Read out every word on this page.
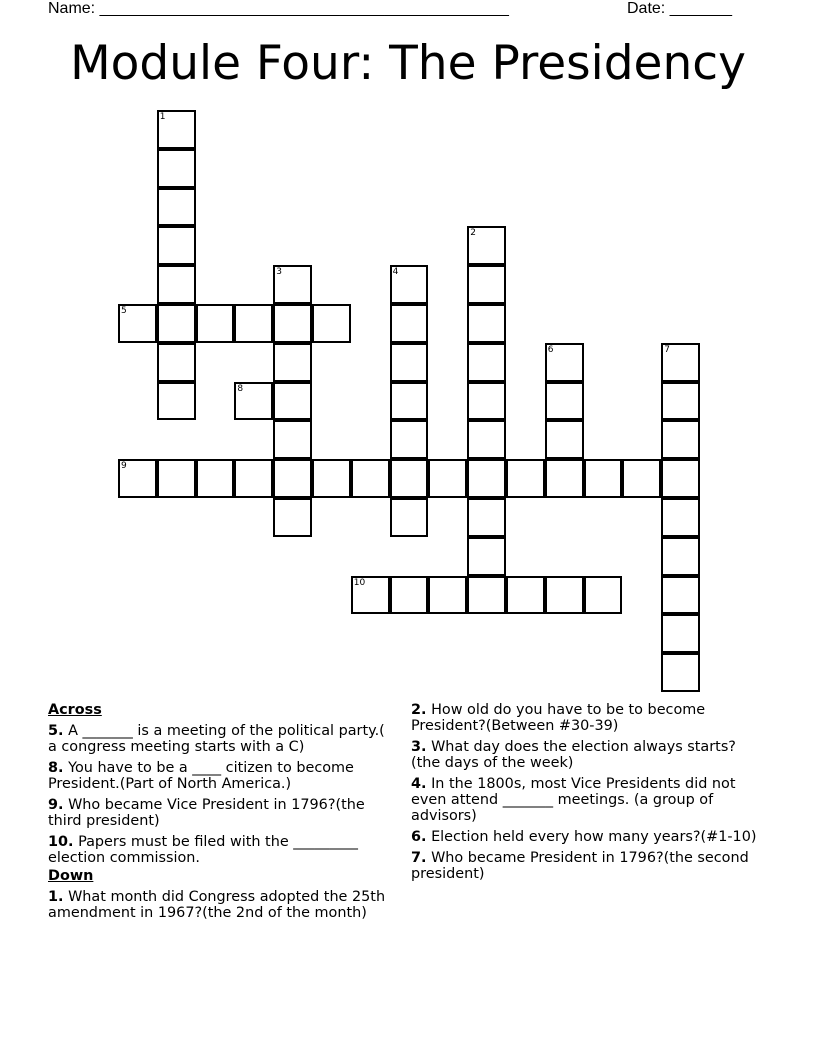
Name: ______________________________________________	Date: _______
Module Four: The Presidency
1
5
3
8
4
2
6	7
9
10
Across
5. A _______ is a meeting of the political party.( a congress meeting starts with a C)
8. You have to be a ____ citizen to become President.(Part of North America.)
9. Who became Vice President in 1796?(the third president)
10. Papers must be filed with the _________ election commission.
Down
1. What month did Congress adopted the 25th amendment in 1967?(the 2nd of the month)
2. How old do you have to be to become President?(Between #30-39)
3. What day does the election always starts? (the days of the week)
4. In the 1800s, most Vice Presidents did not even attend _______ meetings. (a group of advisors)
6. Election held every how many years?(#1-10)
7. Who became President in 1796?(the second president)
